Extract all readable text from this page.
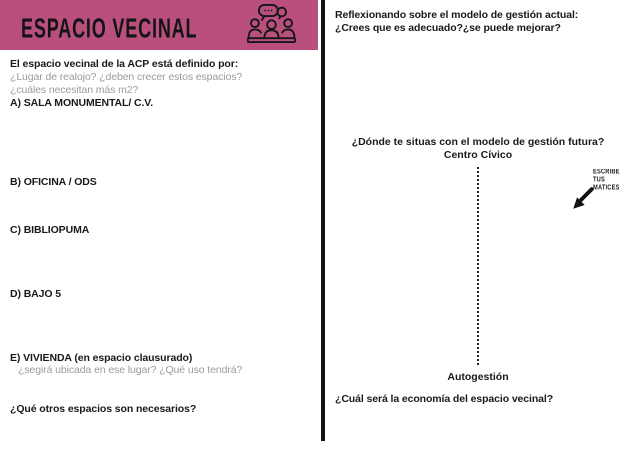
ESPACIO VECINAL
El espacio vecinal de la ACP está definido por:
¿Lugar de realojo? ¿deben crecer estos espacios?
¿cuáles necesitan más m2?
A) SALA MONUMENTAL/ C.V.
B) OFICINA / ODS
C) BIBLIOPUMA
D) BAJO 5
E) VIVIENDA (en espacio clausurado)
¿segirá ubicada en ese lugar? ¿Qué uso tendrá?
¿Qué otros espacios son necesarios?
Reflexionando sobre el modelo de gestión actual:
¿Crees que es adecuado?¿se puede mejorar?
¿Dónde te situas con el modelo de gestión futura?
Centro Cívico
ESCRIBE TUS MATICES
Autogestión
¿Cuál será la economía del espacio vecinal?
